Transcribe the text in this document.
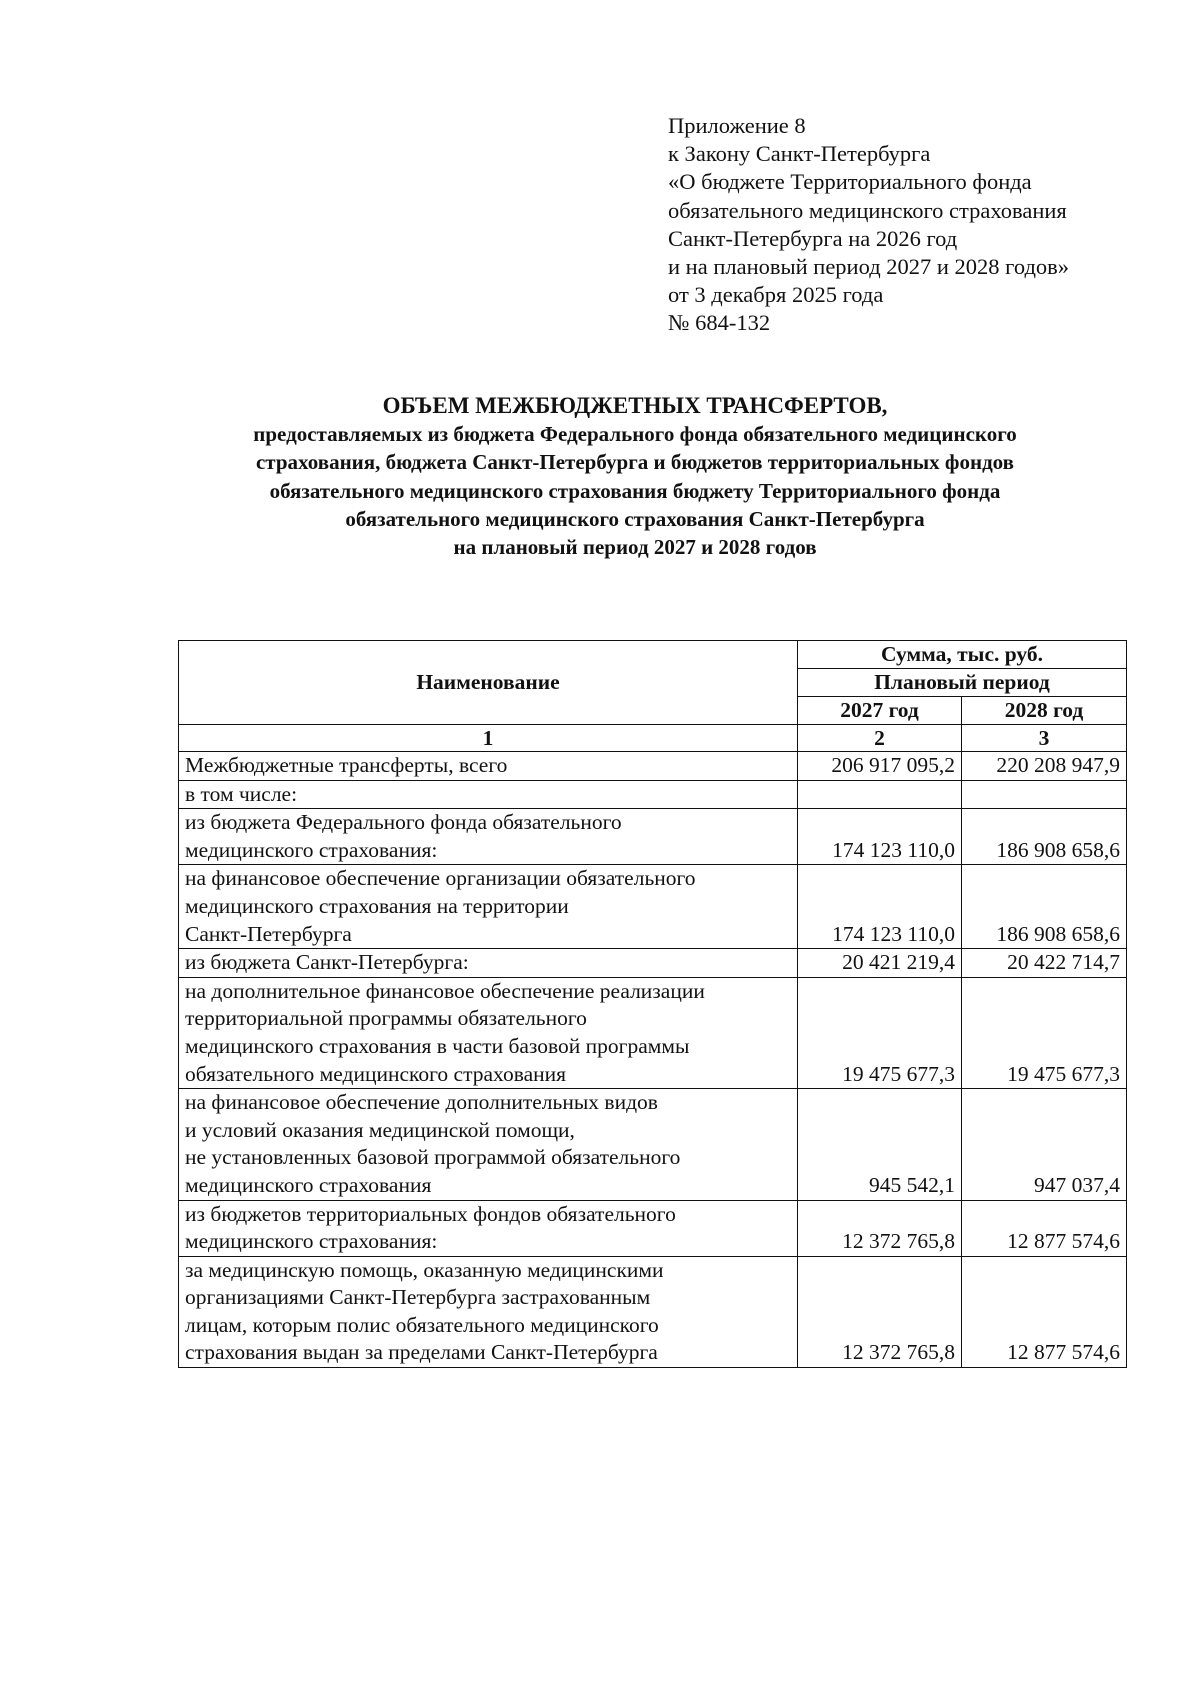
Приложение 8
к Закону Санкт-Петербурга
«О бюджете Территориального фонда
обязательного медицинского страхования
Санкт-Петербурга на 2026 год
и на плановый период 2027 и 2028 годов»
от 3 декабря 2025 года
№ 684-132
ОБЪЕМ МЕЖБЮДЖЕТНЫХ ТРАНСФЕРТОВ,
предоставляемых из бюджета Федерального фонда обязательного медицинского
страхования, бюджета Санкт-Петербурга и бюджетов территориальных фондов
обязательного медицинского страхования бюджету Территориального фонда
обязательного медицинского страхования Санкт-Петербурга
на плановый период 2027 и 2028 годов
Наименование	Сумма, тыс. руб.	
	Плановый период	
	2027 год	2028 год
1	2	3

Межбюджетные трансферты, всего	206 917 095,2	220 208 947,9

в том числе:		

из бюджета Федерального фонда обязательного
медицинского страхования:	174 123 110,0	186 908 658,6

на финансовое обеспечение организации обязательного
медицинского страхования на территории
Санкт-Петербурга	174 123 110,0	186 908 658,6

из бюджета Санкт-Петербурга:	20 421 219,4	20 422 714,7

на дополнительное финансовое обеспечение реализации
территориальной программы обязательного
медицинского страхования в части базовой программы
обязательного медицинского страхования	19 475 677,3	19 475 677,3

на финансовое обеспечение дополнительных видов
и условий оказания медицинской помощи,
не установленных базовой программой обязательного
медицинского страхования	945 542,1	947 037,4

из бюджетов территориальных фондов обязательного
медицинского страхования:	12 372 765,8	12 877 574,6

за медицинскую помощь, оказанную медицинскими
организациями Санкт-Петербурга застрахованным
лицам, которым полис обязательного медицинского
страхования выдан за пределами Санкт-Петербурга	12 372 765,8	12 877 574,6
